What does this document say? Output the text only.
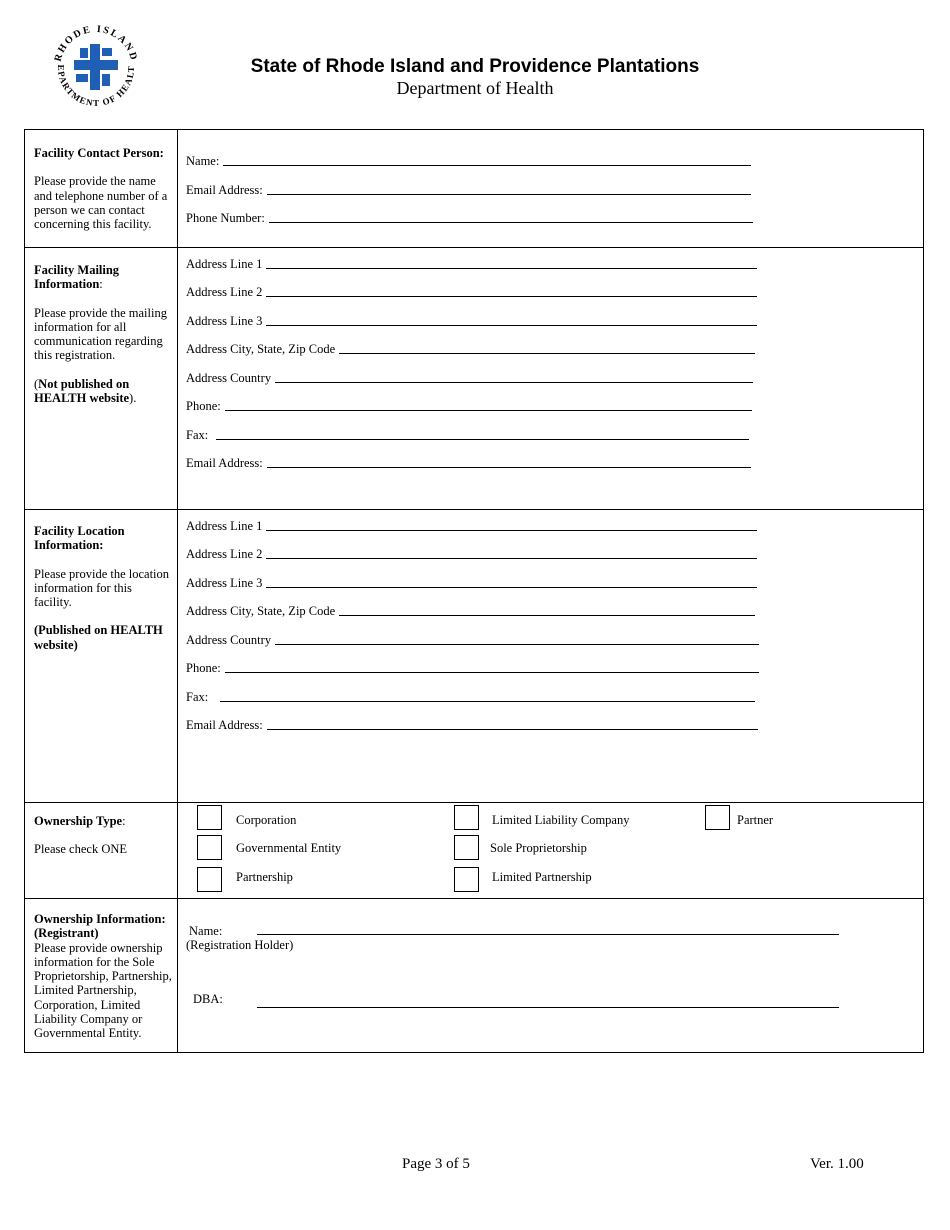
RHODE ISLAND
EPARTMENT OF HEALT	State of Rhode Island and Providence Plantations
Department of Health

Facility Contact Person:

Please provide the name and telephone number of a person we can contact concerning this facility.

Name:
Email Address:
Phone Number:

Facility Mailing Information:

Please provide the mailing information for all communication regarding this registration.

(Not published on HEALTH website).

Address Line 1
Address Line 2
Address Line 3
Address City, State, Zip Code
Address Country
Phone:
Fax:
Email Address:

Facility Location Information:

Please provide the location information for this facility.

(Published on HEALTH website)

Address Line 1
Address Line 2
Address Line 3
Address City, State, Zip Code
Address Country
Phone:
Fax:
Email Address:

Ownership Type:

Please check ONE

Corporation
Governmental Entity
Partnership
Limited Liability Company
Sole Proprietorship
Limited Partnership
Partner

Ownership Information: (Registrant)

Please provide ownership information for the Sole Proprietorship, Partnership, Limited Partnership, Corporation, Limited Liability Company or Governmental Entity.

Name:
(Registration Holder)
DBA:
Page 3 of 5	Ver. 1.00
